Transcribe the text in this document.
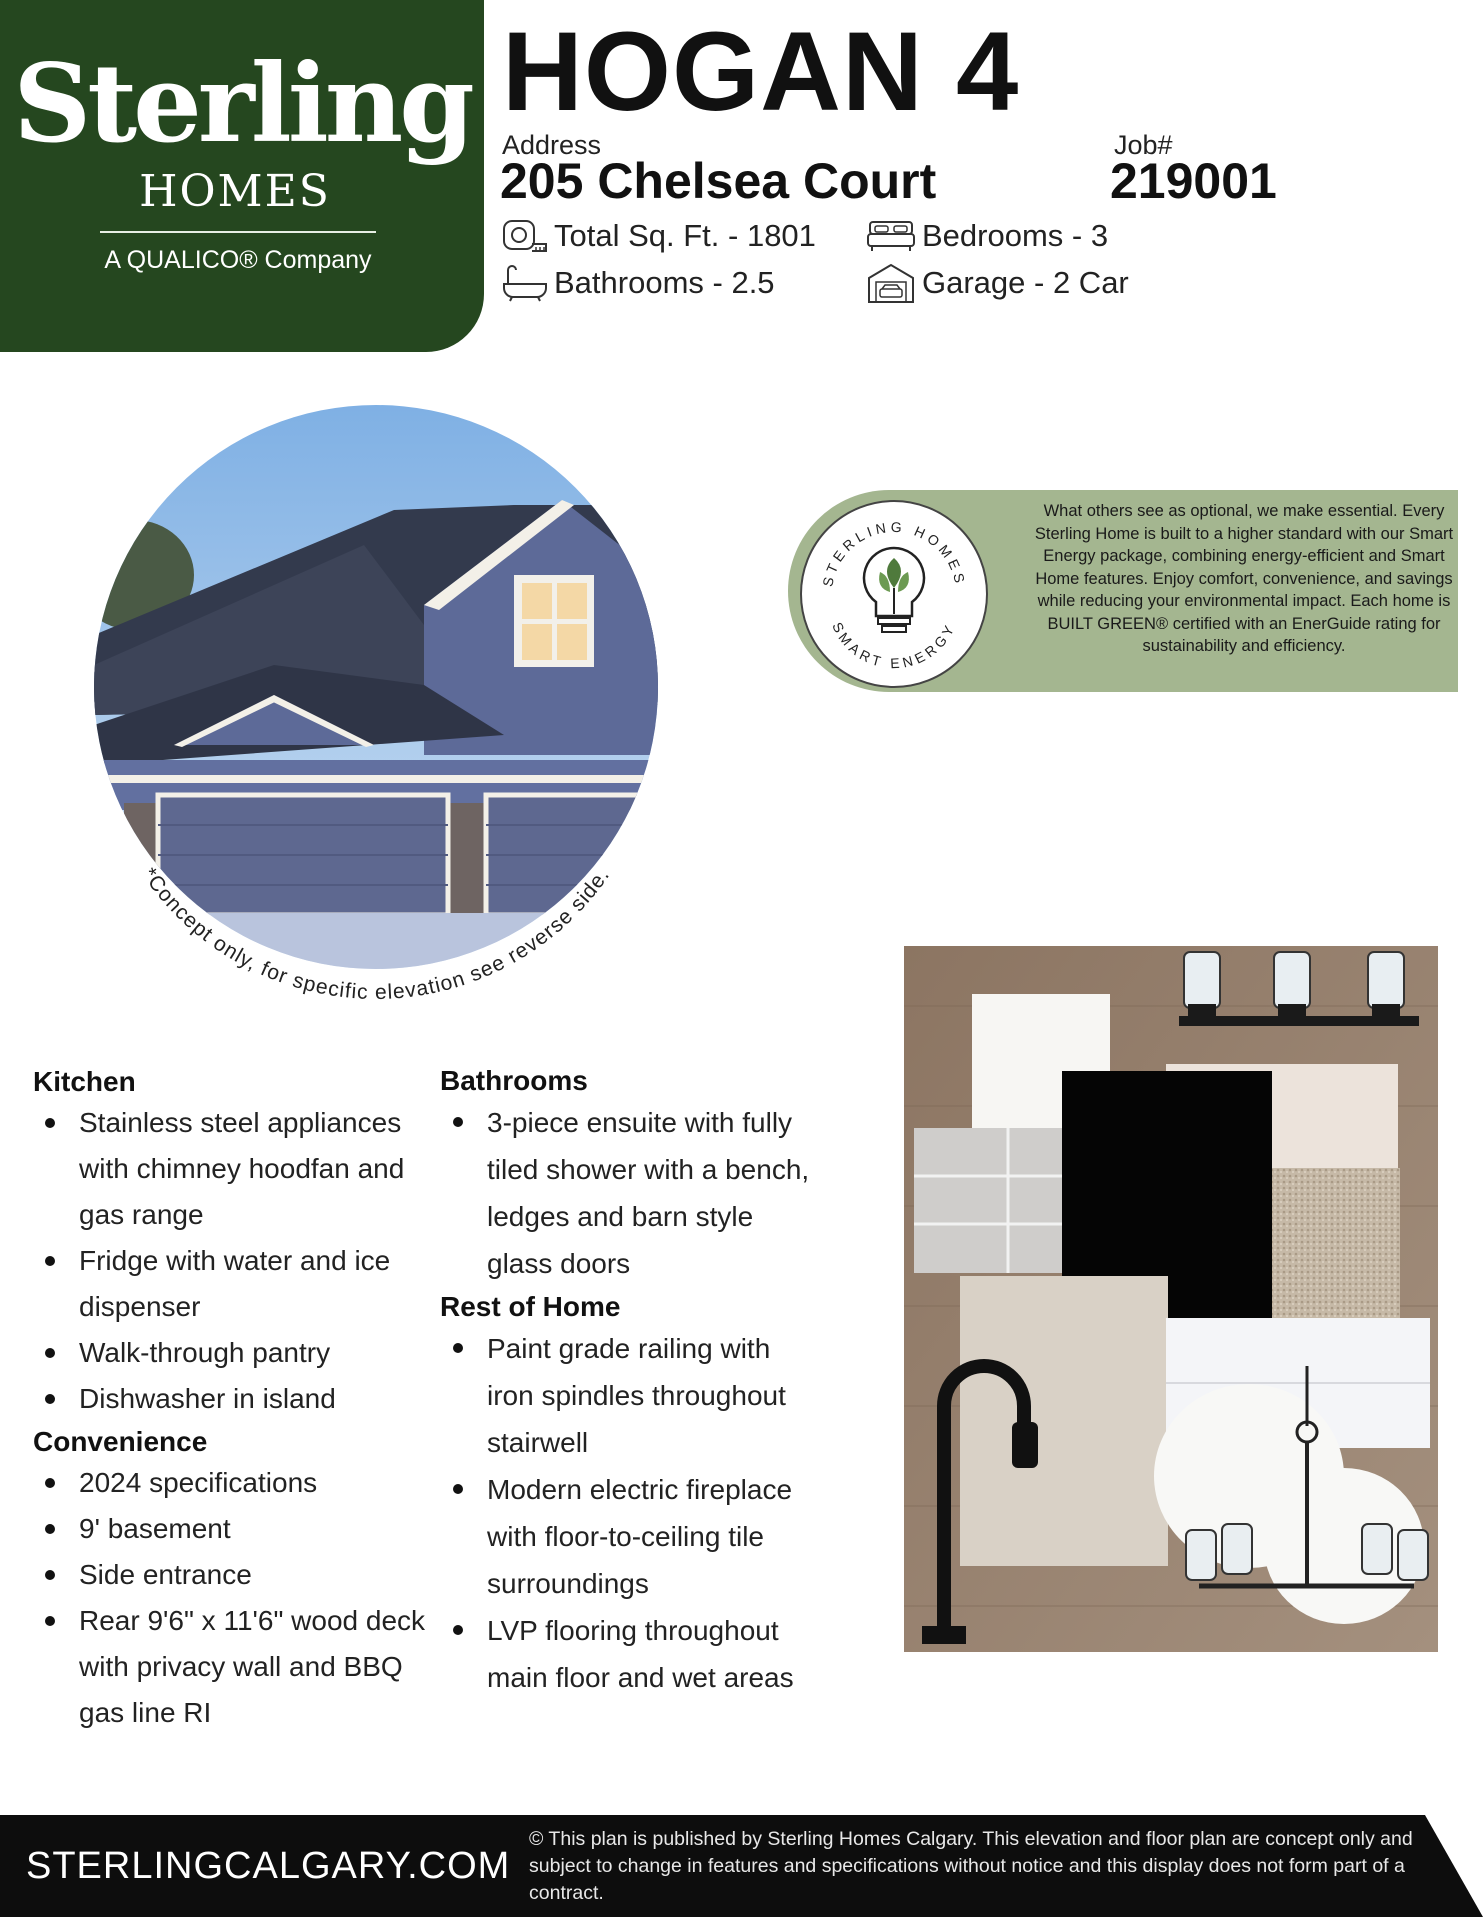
Sterling
HOMES
A QUALICO® Company
HOGAN 4
Address
205 Chelsea Court
Job#
219001
Total Sq. Ft. - 1801	Bedrooms - 3
Bathrooms - 2.5	Garage - 2 Car
*Concept only, for specific elevation see reverse side.
STERLING HOMES
SMART ENERGY
What others see as optional, we make essential. Every Sterling Home is built to a higher standard with our Smart Energy package, combining energy-efficient and Smart Home features. Enjoy comfort, convenience, and savings while reducing your environmental impact. Each home is BUILT GREEN® certified with an EnerGuide rating for sustainability and efficiency.
Kitchen
Stainless steel appliances
with chimney hoodfan and
gas range
Fridge with water and ice
dispenser
Walk-through pantry
Dishwasher in island
Convenience
2024 specifications
9' basement
Side entrance
Rear 9'6" x 11'6" wood deck
with privacy wall and BBQ
gas line RI
Bathrooms
3-piece ensuite with fully
tiled shower with a bench,
ledges and barn style
glass doors
Rest of Home
Paint grade railing with
iron spindles throughout
stairwell
Modern electric fireplace
with floor-to-ceiling tile
surroundings
LVP flooring throughout
main floor and wet areas
STERLINGCALGARY.COM
© This plan is published by Sterling Homes Calgary. This elevation and floor plan are concept only and subject to change in features and specifications without notice and this display does not form part of a contract.
